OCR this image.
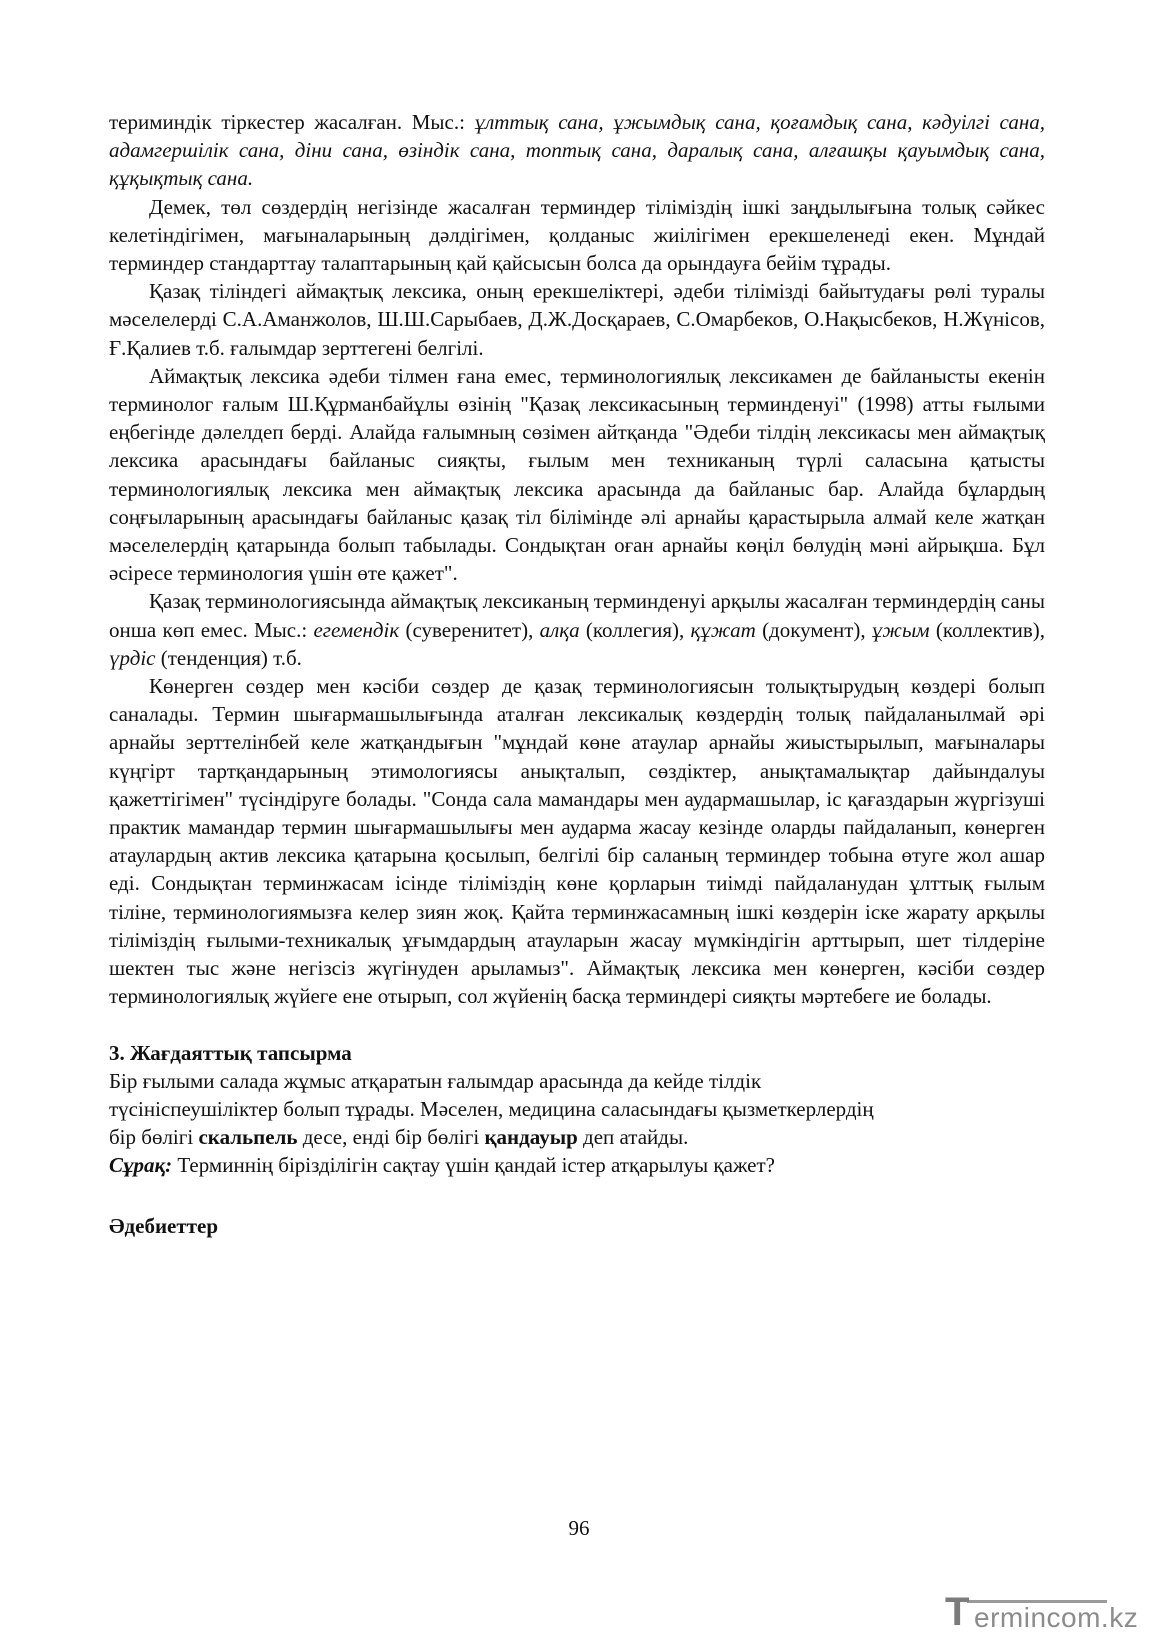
териминдік тіркестер жасалған. Мыс.: ұлттық сана, ұжымдық сана, қоғамдық сана, кәдуілгі сана, адамгершілік сана, діни сана, өзіндік сана, топтық сана, даралық сана, алғашқы қауымдық сана, құқықтық сана.

Демек, төл сөздердің негізінде жасалған терминдер тіліміздің ішкі заңдылығына толық сәйкес келетіндігімен, мағыналарының дәлдігімен, қолданыс жиілігімен ерекшеленеді екен. Мұндай терминдер стандарттау талаптарының қай қайсысын болса да орындауға бейім тұрады.

Қазақ тіліндегі аймақтық лексика, оның ерекшеліктері, әдеби тілімізді байытудағы рөлі туралы мәселелерді С.А.Аманжолов, Ш.Ш.Сарыбаев, Д.Ж.Досқараев, С.Омарбеков, О.Нақысбеков, Н.Жүнісов, Ғ.Қалиев т.б. ғалымдар зерттегені белгілі.

Аймақтық лексика әдеби тілмен ғана емес, терминологиялық лексикамен де байланысты екенін терминолог ғалым Ш.Құрманбайұлы өзінің "Қазақ лексикасының терминденуі" (1998) атты ғылыми еңбегінде дәлелдеп берді. Алайда ғалымның сөзімен айтқанда "Әдеби тілдің лексикасы мен аймақтық лексика арасындағы байланыс сияқты, ғылым мен техниканың түрлі саласына қатысты терминологиялық лексика мен аймақтық лексика арасында да байланыс бар. Алайда бұлардың соңғыларының арасындағы байланыс қазақ тіл білімінде әлі арнайы қарастырыла алмай келе жатқан мәселелердің қатарында болып табылады. Сондықтан оған арнайы көңіл бөлудің мәні айрықша. Бұл әсіресе терминология үшін өте қажет".

Қазақ терминологиясында аймақтық лексиканың терминденуі арқылы жасалған терминдердің саны онша көп емес. Мыс.: егемендік (суверенитет), алқа (коллегия), құжат (документ), ұжым (коллектив), үрдіс (тенденция) т.б.

Көнерген сөздер мен кәсіби сөздер де қазақ терминологиясын толықтырудың көздері болып саналады. Термин шығармашылығында аталған лексикалық көздердің толық пайдаланылмай әрі арнайы зерттелінбей келе жатқандығын "мұндай көне атаулар арнайы жиыстырылып, мағыналары күңгірт тартқандарының этимологиясы анықталып, сөздіктер, анықтамалықтар дайындалуы қажеттігімен" түсіндіруге болады. "Сонда сала мамандары мен аудармашылар, іс қағаздарын жүргізуші практик мамандар термин шығармашылығы мен аударма жасау кезінде оларды пайдаланып, көнерген атаулардың актив лексика қатарына қосылып, белгілі бір саланың терминдер тобына өтуге жол ашар еді. Сондықтан терминжасам ісінде тіліміздің көне қорларын тиімді пайдаланудан ұлттық ғылым тіліне, терминологиямызға келер зиян жоқ. Қайта терминжасамның ішкі көздерін іске жарату арқылы тіліміздің ғылыми-техникалық ұғымдардың атауларын жасау мүмкіндігін арттырып, шет тілдеріне шектен тыс және негізсіз жүгінуден арыламыз". Аймақтық лексика мен көнерген, кәсіби сөздер терминологиялық жүйеге ене отырып, сол жүйенің басқа терминдері сияқты мәртебеге ие болады.

3. Жағдаяттық тапсырма

Бір ғылыми салада жұмыс атқаратын ғалымдар арасында да кейде тілдік

түсініспеушіліктер болып тұрады. Мәселен, медицина саласындағы қызметкерлердің

бір бөлігі скальпель десе, енді бір бөлігі қандауыр деп атайды.

Сұрақ: Терминнің бірізділігін сақтау үшін қандай істер атқарылуы қажет?

Әдебиеттер

96
T ermincom.kz
